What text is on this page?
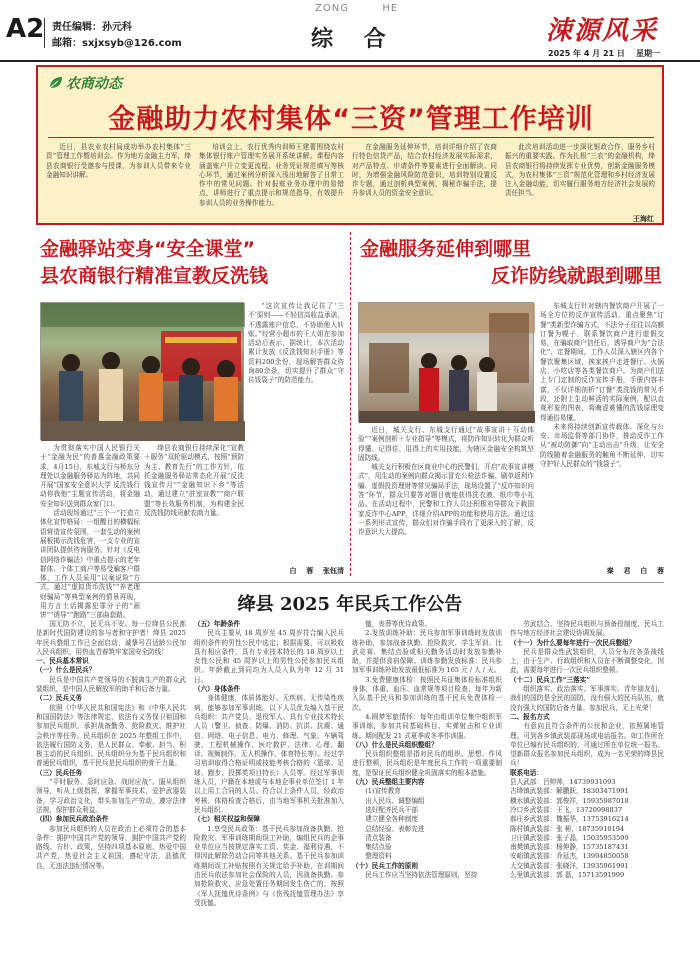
A2 责任编辑：孙元科
邮箱：sxjxsyb@126.com
ZONG        HE
综    合	涑源风采
2025 年 4 月 21 日    星期一
农商动态
金融助力农村集体“三资”管理工作培训

近日，县农业农村局成功举办农村集体“三资”管理工作暨培训会。作为地方金融主力军，绛县农商银行受邀参与授课，为参训人员带来专业金融知识讲解。

培训会上，农行优秀内训师王建蕾围绕农村集体银行账户管理实务展开系统讲解。课程内容涵盖账户开立变更流程、业务凭证规范填写等核心环节，通过案例分析深入浅出地解答了日常工作中的常见问题。针对报账业务办理中的易错点，讲师进行了重点提示和规范指导，有效提升参训人员的业务操作能力。

在金融服务延伸环节，培训详细介绍了农商行特色信贷产品，结合农村经济发展实际需求，对产品特点、申请条件等要素进行全面解读。同时，为增强金融风险防范意识，培训特别设置反诈专题，通过剖析典型案例，揭秘诈骗手法，提升参训人员的资金安全意识。

此次培训活动进一步深化银政合作，服务乡村振兴的重要实践。作为扎根“三农”的金融机构，绛县农商银行将持续发挥专业优势，创新金融服务模式，为农村集体“三资”规范化管理和乡村经济发展注入金融动能，切实履行服务地方经济社会发展的责任担当。

王海红
金融驿站变身“安全课堂”
县农商银行精准宣教反洗钱

“这次宣传让我记住了‘三不’原则——不轻信高收益承诺，不透露账户信息，不协助他人转账。”经营小超市的王大姐在参加活动后表示，据统计，本次活动累计发放《反洗钱知识手册》等资料200余份，现场解答群众咨询80余条，切实提升了群众“守住钱袋子”的防范能力。

为贯彻落实中国人民银行关于“金融为民”的普惠金融政策要求，4月15日，东城支行与桥东分理处以金融服务驿站为阵地，共同开展“国家安全意识大学 反洗钱行动你我他”主题宣传活动，将金融安全知识送到群众家门口。

活动现场通过“三个一”打造立体化宣传格局：一组醒目的横幅标语营造宣传氛围，一套生动的案例展板揭示洗钱危害，一支专业的宣讲团队提供咨询服务。针对《反电信网络诈骗法》中重点提示的老年群体、个体工商户等易受骗客户群体，工作人员采用“以案说险”方式，通过“虚拟货币洗钱”“养老理财骗局”等典型案例的情景再现，用方言土话揭露犯罪分子的“画饼”“诱导”“跑路”三部曲套路。

绛县农商银行持续深化“宣教＋服务”双轮驱动模式，按照“预防为主、教育先行”的工作方针，依托金融服务驿站常态化开展“反洗钱宣传月”“金融知识下乡”等活动，通过建立“驻室宣教”“商户联盟”等长效服务机制，为构建全民反洗钱防线贡献农商力量。

白    蓉    张钰清
金融服务延伸到哪里
反诈防线就跟到哪里

近日，城关支行、东城支行通过“故事宣讲＋互动体验”“案例剖析＋专业指导”等模式，将防诈知识转化为群众听得懂、记得住、用得上的实用技能，为辖区金融安全构筑坚固防线。

城关支行积极在区商业中心的民警们，开启“故事宣讲模式”，用生动的案例向群众揭示冒充公检法诈骗、刷单返利诈骗、虚假投资理财等常见骗局手法，现场设置了“反诈知识问答”环节，群众只要答对题目就能获得洗衣液、纸巾等小礼品。在活动过程中，民警和工作人员还积极劝导群众下载国家反诈中心APP，详细介绍APP的功能和使用方法。通过这一系列形式宣传，群众们对诈骗手段有了更深入的了解，反诈意识大大提高。

东城支行针对辖内餐饮商户开展了一场全方位的反诈宣传活动，重点聚焦“订餐”类新型诈骗方式，不法分子往往以高额订餐为幌子，联系餐饮商户进行虚假交易，在骗取商户信任后，诱导商户为“合法化”、定餐期间，工作人员深入辖区内各个餐饮聚集区域，挨家挨户走进餐厅、火锅店、小吃店等各类餐饮商户。为商户们送上专门定制的反诈宣传手册，手册内容丰富，不仅详细剖析“订餐”类洗钱的常见手段，还附上生动鲜活的实际案例，配以直观形象的图表，将晦涩难懂的洗钱原理变得通俗易懂。

未来将持续创新宣传载体、深化与公安、市场监督等部门协作，推动反诈工作从“被动防御”向“主动出击”升级，让安全防线随着金融服务的触角不断延伸，切实守护好人民群众的“钱袋子”。

秦    君    白    蓉
绛县 2025 年民兵工作公告

国无防不立，民无兵不安。每一位绛县公民都是新时代国防建设的参与者和守护者！绛县 2025 年民兵整组工作已全面启动，诚挚号召适龄公民加入民兵组织，用热血青春筑牢家国安全防线！

一、民兵基本常识

（一）什么是民兵？

民兵是中国共产党领导的不脱离生产的群众武装组织，是中国人民解放军的助手和后备力量。

（二）民兵义务

依照《中华人民共和国宪法》和《中华人民共和国国防法》等法律规定，依法有义务保卫祖国和参加民兵组织，承担战备勤务、抢险救灾、维护社会秩序等任务。民兵组织在 2025 年整组工作中，依法履行国防义务，是人民群众、奉献、担当、积极主动的民兵组织。民兵组织分为基干民兵组织和普通民兵组织，基干民兵是民兵组织的骨干力量。

（三）民兵任务

“平时服务、急时应急、战时应战”。服从组织领导，听从上级指挥，掌握军事技术，爱护武器装备，学习政治文化，带头参加生产劳动，遵守法律法规，保护群众利益。

（四）参加民兵政治条件

参加民兵组织的人员在政治上必须符合的基本条件：拥护中国共产党的领导，拥护中国共产党的路线、方针、政策，坚持四项基本原则，热爱中国共产党，热爱社会主义祖国，遵纪守法，品德优良，无违法违纪情况等。

（五）年龄条件

民兵主要从 18 周岁至 45 周岁符合编入民兵组织条件的男性公民中选定；根据需要，可以吸收具有相应条件，具有专业技术特长的 18 周岁以上女性公民和 45 周岁以上的男性公民参加民兵组织。年龄截止到同均为人员入队为年 12 月 31 日。

（六）身体条件

身体健康，体质体能好、无疾病、无传染性疾病，能够参加军事训练。以下人员优先编入基干民兵组织：共产党员、退役军人、具有专业技术特长人员（警卫、侦查、防爆、消防、抗洪、抗震、通信、网络、电子信息、电力、修理、气象、车辆驾驶、工程机械操作、医疗救护、法律、心理、翻译、视频制作、无人机操作、体育特长等）。经过学习培训取得合格证明或技能考核合格的（篮球、足球、跑步、投掷类项目特长）人员等。经过军事训练人员，户籍在本地或与本地企事业单位签订 1 年以上用工合同的人员。符合以上条件人员，经政治考核、体格检查合格后，由当地军事机关批准加入民兵组织。

（七）相关权益和保障

1.享受民兵政策：基干民兵参加战备执勤、抢险救灾、军事训练期间误工补助，编组民兵的企事业单位应当按规定落实工资、奖金、福利待遇，不得因此解除劳动合同等其他关系。基干民兵参加训练期间误工补贴按照有关规定给予补助，在训期间由民兵依法参加社会保险的人员，因战备执勤、参加抢险救灾、应急处置任务期间发生伤亡的，按照《军人抚恤优待条例》与《伤残抚恤管理办法》享受抚恤。

恤，丧葬等优待政策。

2.发放训练补助：民兵参加军事训练时发放训练补助，参加战备执勤、抢险救灾、学生军训、比武竞赛、集结点验或相关勤务活动时发放参勤补助，并提供食宿保障。训练参勤发放标准：民兵参加军事训练补助发放最低标准为 165 元 / 人 / 天。

3.免费健康体检：按照民兵征集体检标准组织身体，体重、血压、血常规等项目检查，每年为新入队基干民兵和参加训练的基干民兵免费体检一次。

4.圆梦军旅情怀：每年由组训单位集中组织军事训练，参加共同基础科目、实弹射击和专业训练。期间配发 21 式夏季或冬季作训服。

（八）什么是民兵组织整组？

民兵组织整组是指对民兵的组织、思想、作风进行整顿，民兵组织是年度民兵工作的一项重要制度，是保证民兵组织健全巩固落实的根本措施。

（九）民兵整组主要内容

(1)宣传教育

出入民兵、调整编组

选好配齐民兵干部

建立健全各种制度

总结经验、表彰先进

清点装备

集结点验

整理资料

（十）民兵工作的原则

民兵工作应当坚持依法管理原则，坚持

劳武结合、坚持民兵组织与预备役制度，民兵工作与地方经济社会建设协调发展。

（十一）为什么要每年进行一次民兵整组？

民兵是群众性武装组织，人员分布在各条战线上，由于生产、行政组织和人员在不断调整变化，因此，需要每年进行一次民兵组织整顿。

（十二）民兵工作“三落实”

组织落实、政治落实、军事落实。青年朋友们，我们的国防是全民的国防，没有强大的民兵队伍，就没有强大的国防后备力量。参加民兵，无上光荣！

二、报名方式

有意向且符合条件的公民和企业，依照属地管理，可到各乡镇武装部现场或电话报名。如工作所在单位已编有民兵组织的，可通过所在单位统一报名。望新群众报名参加民兵组织，成为一名光荣的绛县民兵！

联系电话：

县人武部：吕帅帅，14739931093

古绛镇武装部：解鹏跃，18303471991

横水镇武装部：郭俊祥，15935987018

冷口乡武装部：王飞，13720998837

郝庄乡武装部：魏振华，13753916214

陈村镇武装部：张 彬，18735910194

卫庄镇武装部：张子晶，15035953599

南樊镇武装部：杨伸静，15735187431

安峪镇武装部：乔延杰，13994850058

大交镇武装部：张晓洋，13935961991

么里镇武装部：郭 磊，15713591999
